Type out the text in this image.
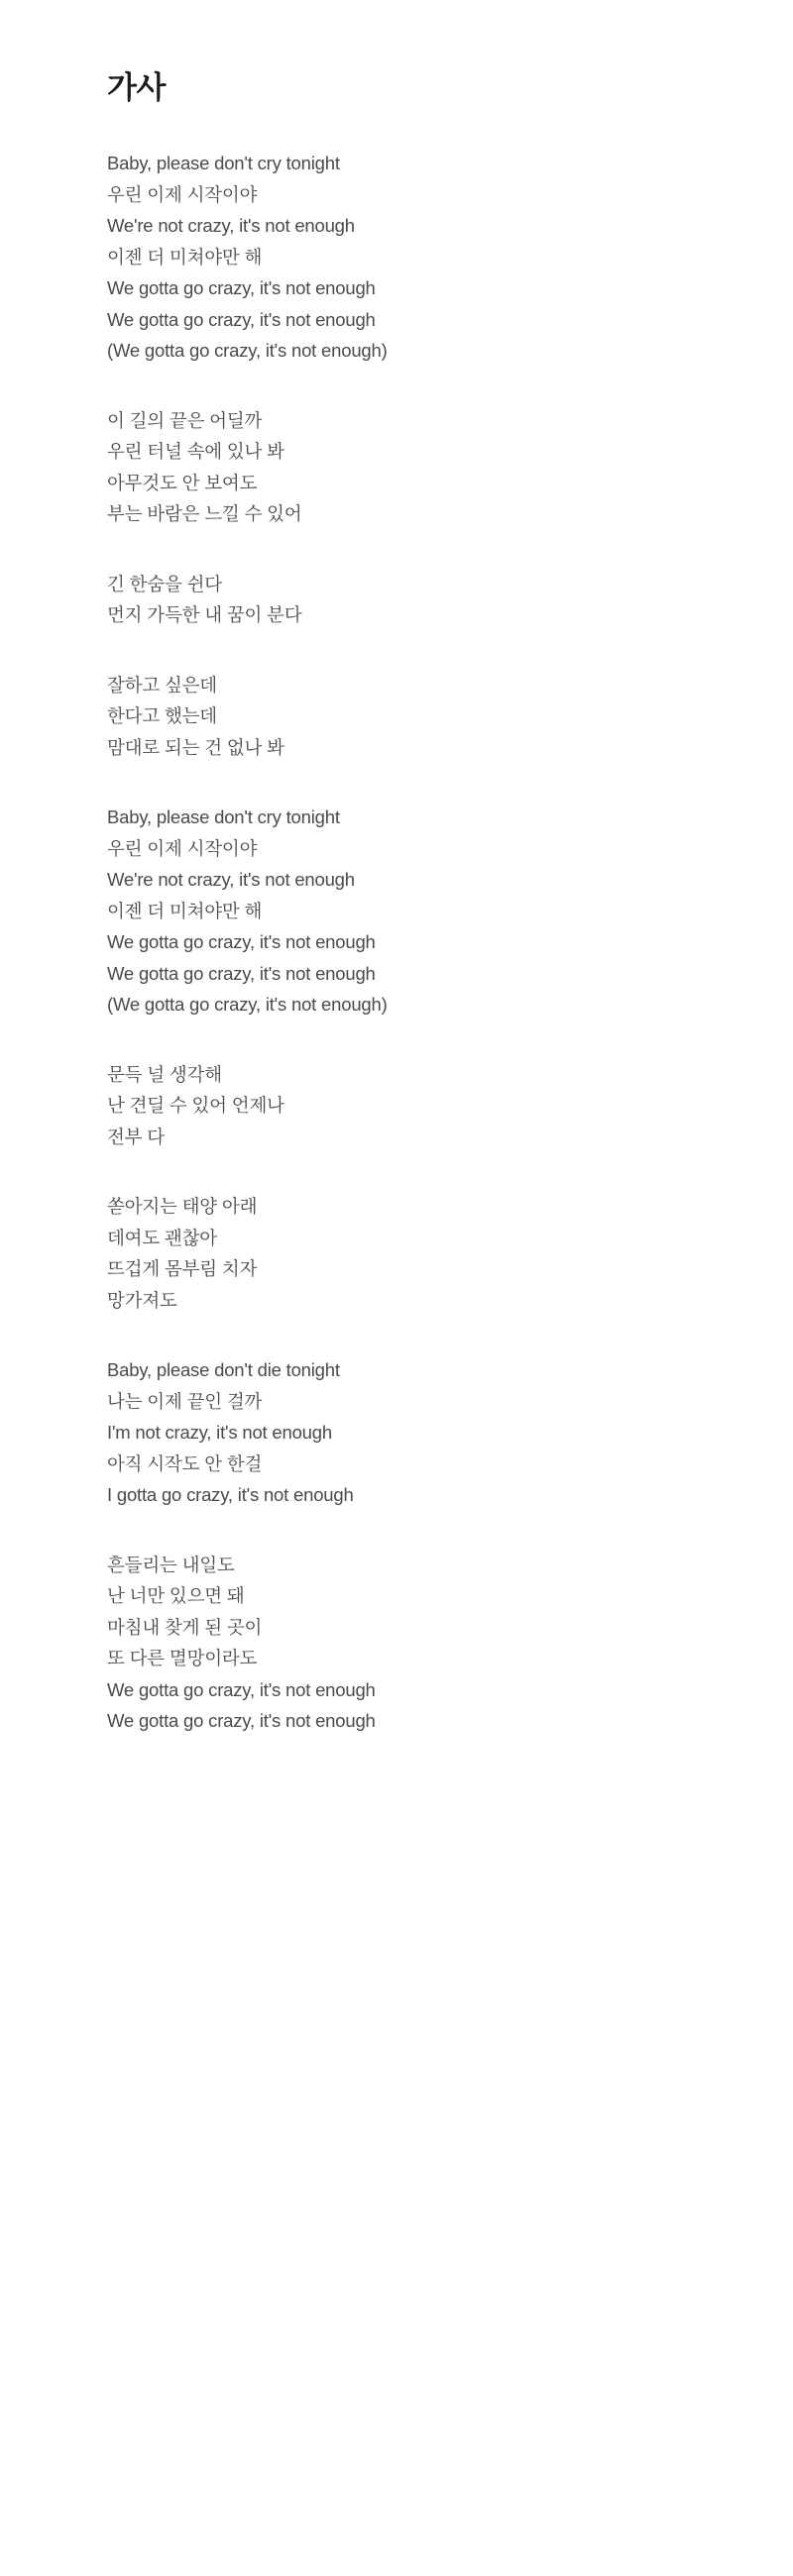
가사
Baby, please don't cry tonight
우린 이제 시작이야
We're not crazy, it's not enough
이젠 더 미쳐야만 해
We gotta go crazy, it's not enough
We gotta go crazy, it's not enough
(We gotta go crazy, it's not enough)
이 길의 끝은 어딜까
우린 터널 속에 있나 봐
아무것도 안 보여도
부는 바람은 느낄 수 있어
긴 한숨을 쉰다
먼지 가득한 내 꿈이 분다
잘하고 싶은데
한다고 했는데
맘대로 되는 건 없나 봐
Baby, please don't cry tonight
우린 이제 시작이야
We're not crazy, it's not enough
이젠 더 미쳐야만 해
We gotta go crazy, it's not enough
We gotta go crazy, it's not enough
(We gotta go crazy, it's not enough)
문득 널 생각해
난 견딜 수 있어 언제나
전부 다
쏟아지는 태양 아래
데여도 괜찮아
뜨겁게 몸부림 치자
망가져도
Baby, please don't die tonight
나는 이제 끝인 걸까
I'm not crazy, it's not enough
아직 시작도 안 한걸
I gotta go crazy, it's not enough
흔들리는 내일도
난 너만 있으면 돼
마침내 찾게 된 곳이
또 다른 멸망이라도
We gotta go crazy, it's not enough
We gotta go crazy, it's not enough
